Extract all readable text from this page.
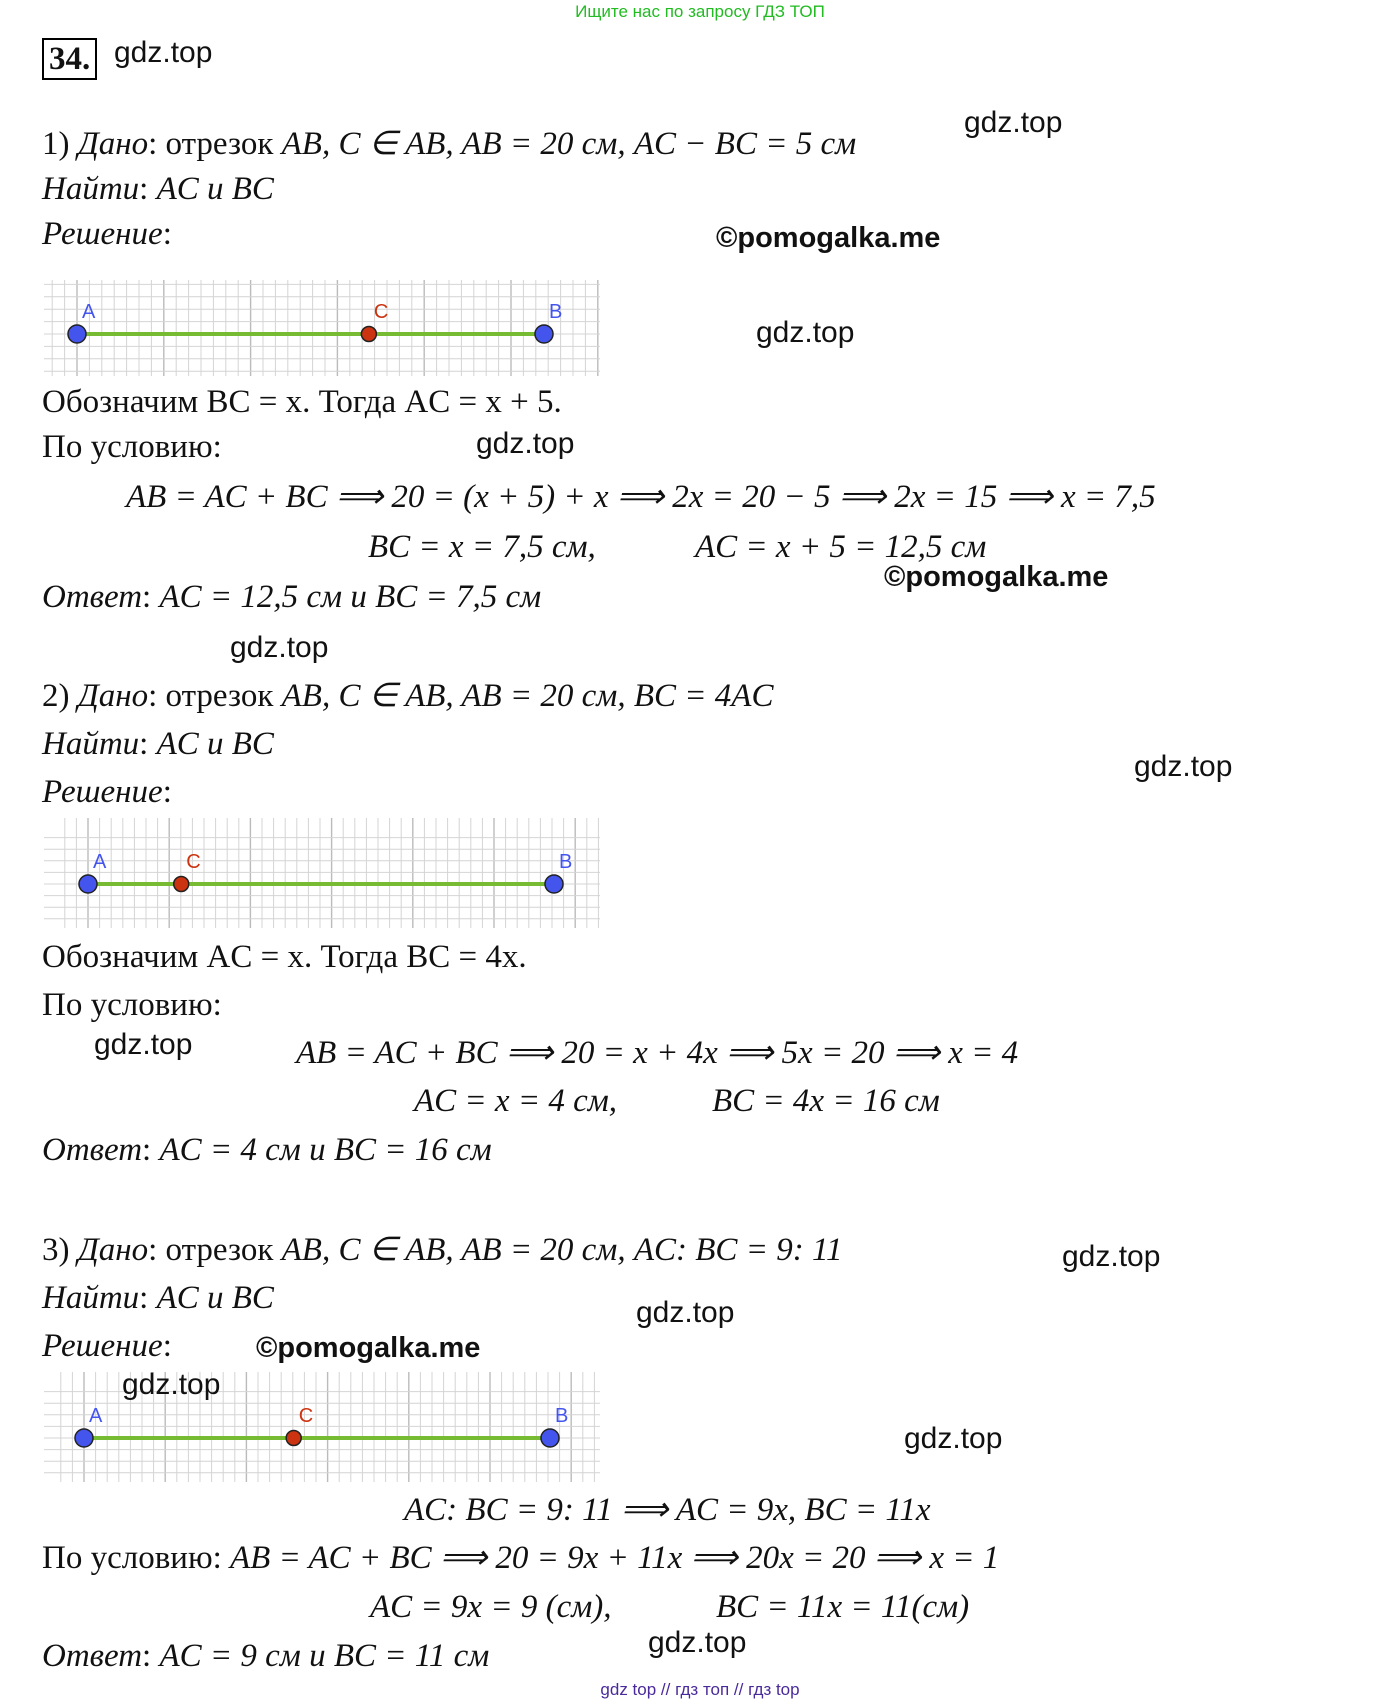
Ищите нас по запросу ГДЗ ТОП
34. gdz.top
1) Дано: отрезок AB, C ∈ AB, AB = 20 см, AC − BC = 5 см
Найти: AC и BC
Решение:
A	C	B
Обозначим BC = x. Тогда AC = x + 5.
По условию:
AB = AC + BC ⟹ 20 = (x + 5) + x ⟹ 2x = 20 − 5 ⟹ 2x = 15 ⟹ x = 7,5
BC = x = 7,5 см,	AC = x + 5 = 12,5 см
Ответ: AC = 12,5 см и BC = 7,5 см
2) Дано: отрезок AB, C ∈ AB, AB = 20 см, BC = 4AC
Найти: AC и BC
Решение:
A	C	B
Обозначим AC = x. Тогда BC = 4x.
По условию:
AB = AC + BC ⟹ 20 = x + 4x ⟹ 5x = 20 ⟹ x = 4
AC = x = 4 см,	BC = 4x = 16 см
Ответ: AC = 4 см и BC = 16 см
3) Дано: отрезок AB, C ∈ AB, AB = 20 см, AC: BC = 9: 11
Найти: AC и BC
Решение:
A	C	B
AC: BC = 9: 11 ⟹ AC = 9x, BC = 11x
По условию: AB = AC + BC ⟹ 20 = 9x + 11x ⟹ 20x = 20 ⟹ x = 1
AC = 9x = 9 (см),	BC = 11x = 11(см)
Ответ: AC = 9 см и BC = 11 см
gdz.top
©pomogalka.me
gdz.top
gdz.top
©pomogalka.me
gdz.top
gdz.top
gdz.top
gdz.top
gdz.top
©pomogalka.me
gdz.top
gdz.top
gdz.top
gdz top // гдз топ // гдз top
